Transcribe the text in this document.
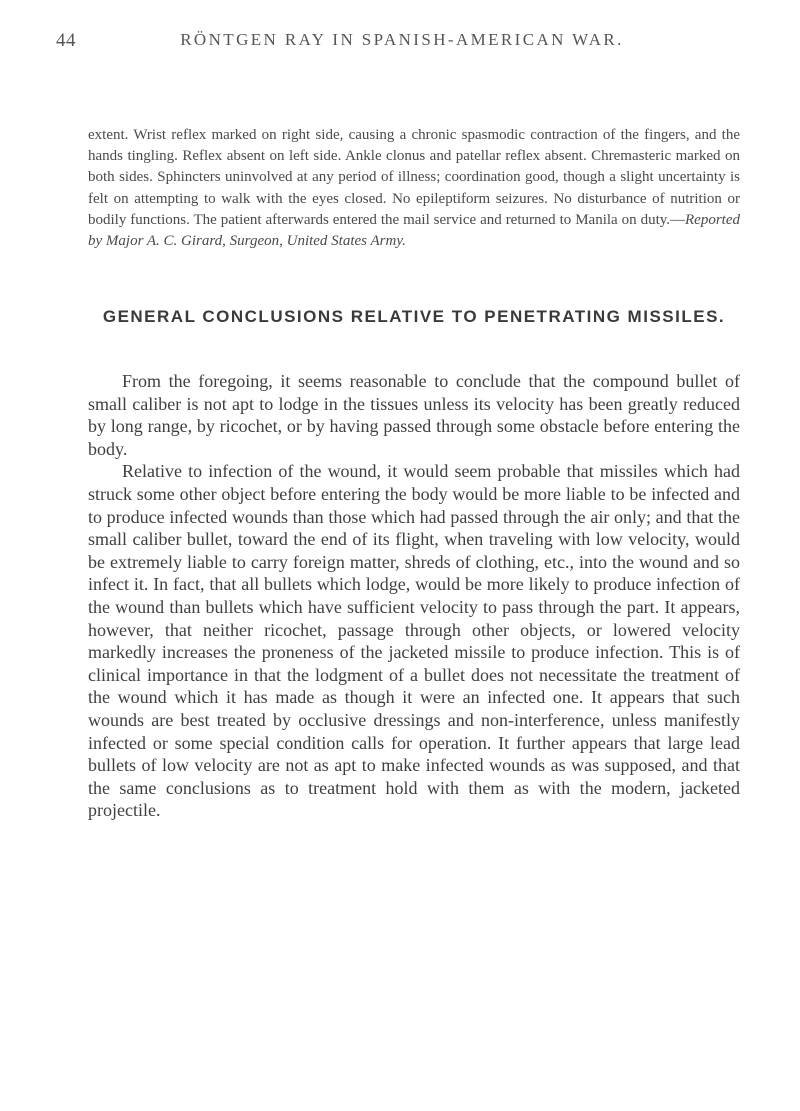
44	RÖNTGEN RAY IN SPANISH-AMERICAN WAR.

extent. Wrist reflex marked on right side, causing a chronic spasmodic contraction of the fingers, and the hands tingling. Reflex absent on left side. Ankle clonus and patellar reflex absent. Chremasteric marked on both sides. Sphincters uninvolved at any period of illness; coordination good, though a slight uncertainty is felt on attempting to walk with the eyes closed. No epileptiform seizures. No disturbance of nutrition or bodily functions. The patient afterwards entered the mail service and returned to Manila on duty.—Reported by Major A. C. Girard, Surgeon, United States Army.

GENERAL CONCLUSIONS RELATIVE TO PENETRATING MISSILES.

From the foregoing, it seems reasonable to conclude that the compound bullet of small caliber is not apt to lodge in the tissues unless its velocity has been greatly reduced by long range, by ricochet, or by having passed through some obstacle before entering the body.

Relative to infection of the wound, it would seem probable that missiles which had struck some other object before entering the body would be more liable to be infected and to produce infected wounds than those which had passed through the air only; and that the small caliber bullet, toward the end of its flight, when traveling with low velocity, would be extremely liable to carry foreign matter, shreds of clothing, etc., into the wound and so infect it. In fact, that all bullets which lodge, would be more likely to produce infection of the wound than bullets which have sufficient velocity to pass through the part. It appears, however, that neither ricochet, passage through other objects, or lowered velocity markedly increases the proneness of the jacketed missile to produce infection. This is of clinical importance in that the lodgment of a bullet does not necessitate the treatment of the wound which it has made as though it were an infected one. It appears that such wounds are best treated by occlusive dressings and non-interference, unless manifestly infected or some special condition calls for operation. It further appears that large lead bullets of low velocity are not as apt to make infected wounds as was supposed, and that the same conclusions as to treatment hold with them as with the modern, jacketed projectile.
